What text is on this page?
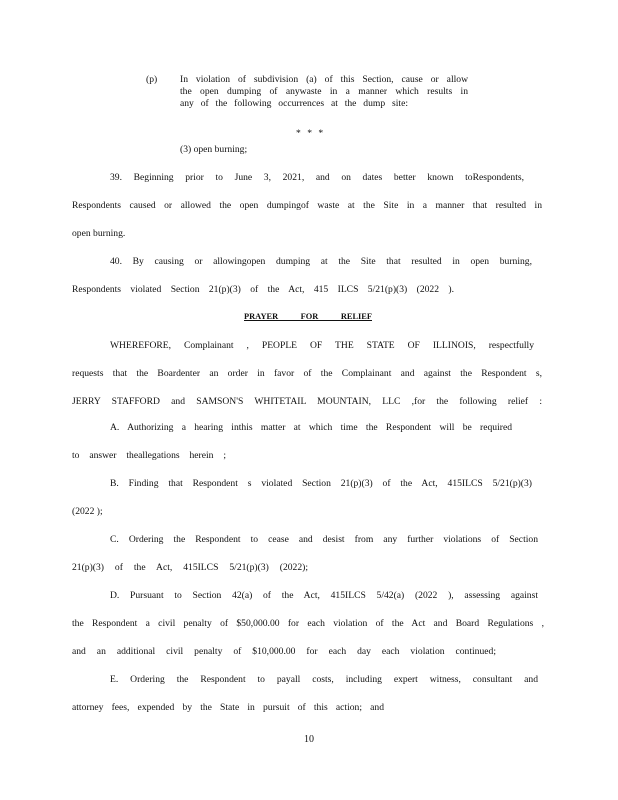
(p) In violation of subdivision (a) of this Section, cause or allow
the open dumping of anywaste in a manner which results in
any of the following occurrences at the dump site:
* * *
(3) open burning;
39. Beginning prior to June 3, 2021, and on dates better known toRespondents,
Respondents caused or allowed the open dumpingof waste at the Site in a manner that resulted in
open burning.
40. By causing or allowingopen dumping at the Site that resulted in open burning,
Respondents violated Section 21(p)(3) of the Act, 415 ILCS 5/21(p)(3) (2022 ).
PRAYER FOR RELIEF
WHEREFORE, Complainant , PEOPLE OF THE STATE OF ILLINOIS, respectfully
requests that the Boardenter an order in favor of the Complainant and against the Respondent s,
JERRY STAFFORD and SAMSON'S WHITETAIL MOUNTAIN, LLC ,for the following relief :
A. Authorizing a hearing inthis matter at which time the Respondent will be required
to answer theallegations herein ;
B. Finding that Respondent s violated Section 21(p)(3) of the Act, 415ILCS 5/21(p)(3)
(2022 );
C. Ordering the Respondent to cease and desist from any further violations of Section
21(p)(3) of the Act, 415ILCS 5/21(p)(3) (2022);
D. Pursuant to Section 42(a) of the Act, 415ILCS 5/42(a) (2022 ), assessing against
the Respondent a civil penalty of $50,000.00 for each violation of the Act and Board Regulations ,
and an additional civil penalty of $10,000.00 for each day each violation continued;
E. Ordering the Respondent to payall costs, including expert witness, consultant and
attorney fees, expended by the State in pursuit of this action; and
10
